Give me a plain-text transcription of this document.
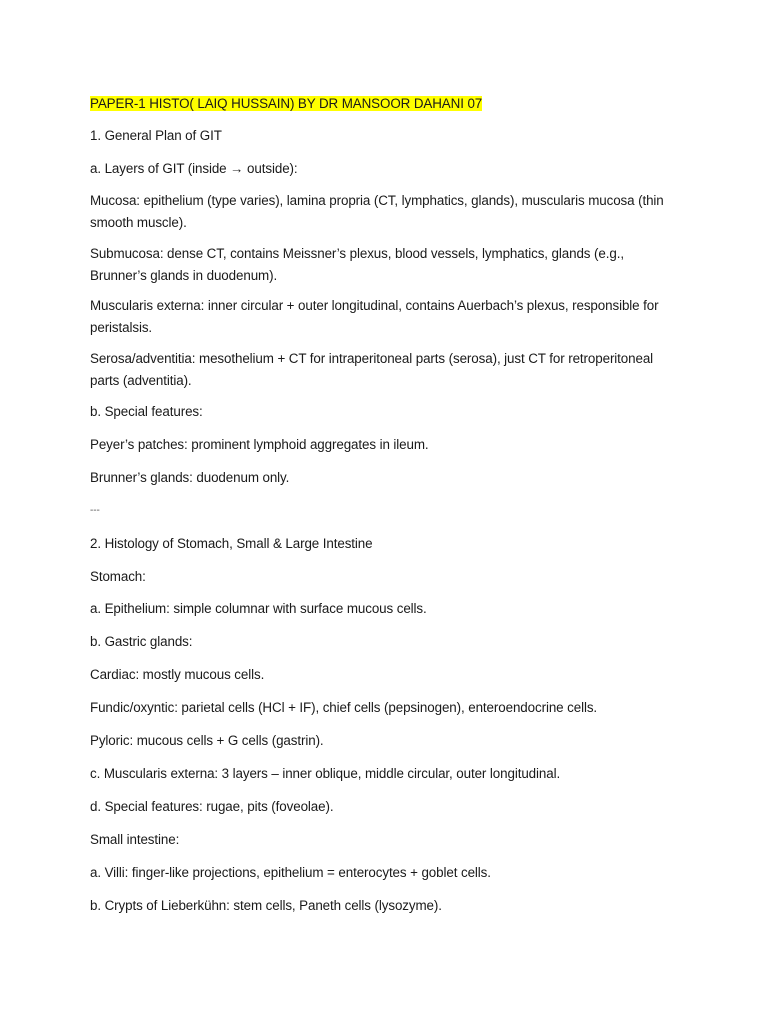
PAPER-1 HISTO( LAIQ HUSSAIN) BY DR MANSOOR DAHANI 07

1. General Plan of GIT

a. Layers of GIT (inside → outside):

Mucosa: epithelium (type varies), lamina propria (CT, lymphatics, glands), muscularis mucosa (thin smooth muscle).

Submucosa: dense CT, contains Meissner’s plexus, blood vessels, lymphatics, glands (e.g., Brunner’s glands in duodenum).

Muscularis externa: inner circular + outer longitudinal, contains Auerbach’s plexus, responsible for peristalsis.

Serosa/adventitia: mesothelium + CT for intraperitoneal parts (serosa), just CT for retroperitoneal parts (adventitia).

b. Special features:

Peyer’s patches: prominent lymphoid aggregates in ileum.

Brunner’s glands: duodenum only.

---

2. Histology of Stomach, Small & Large Intestine

Stomach:

a. Epithelium: simple columnar with surface mucous cells.

b. Gastric glands:

Cardiac: mostly mucous cells.

Fundic/oxyntic: parietal cells (HCl + IF), chief cells (pepsinogen), enteroendocrine cells.

Pyloric: mucous cells + G cells (gastrin).

c. Muscularis externa: 3 layers – inner oblique, middle circular, outer longitudinal.

d. Special features: rugae, pits (foveolae).

Small intestine:

a. Villi: finger-like projections, epithelium = enterocytes + goblet cells.

b. Crypts of Lieberkühn: stem cells, Paneth cells (lysozyme).
